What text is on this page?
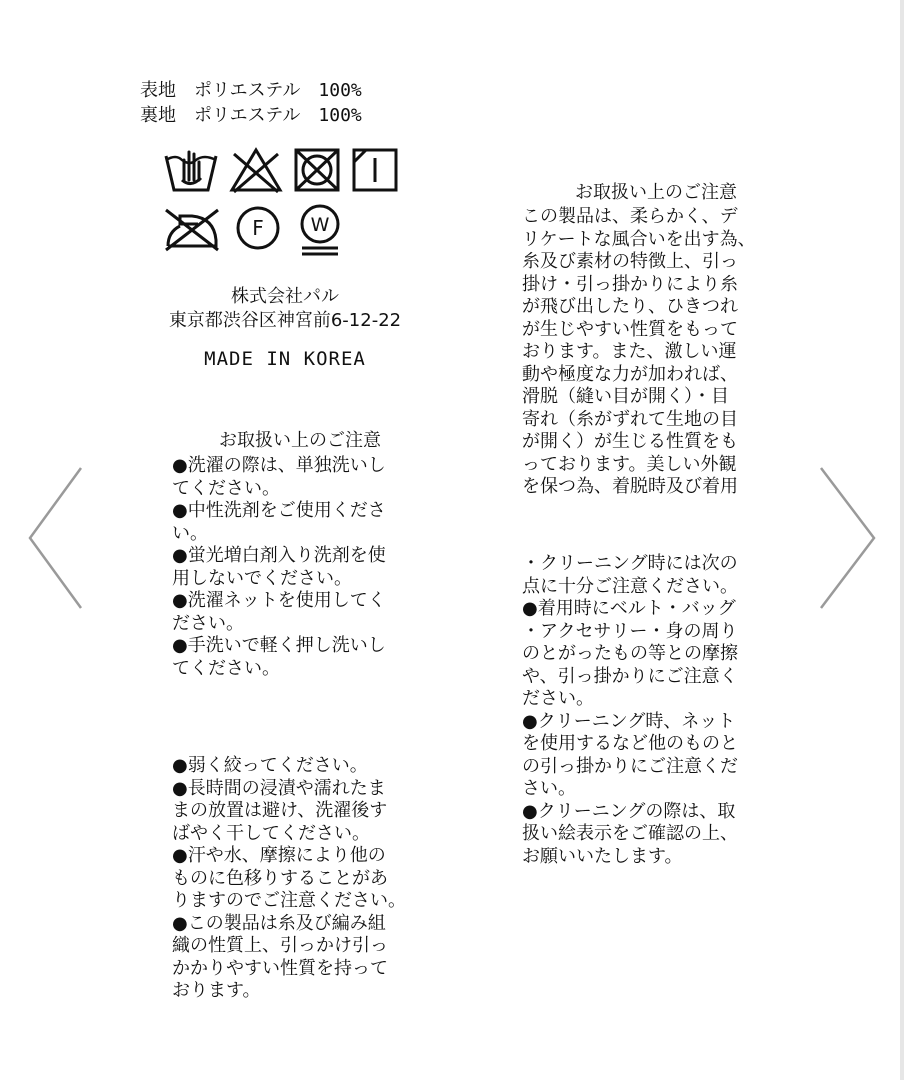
表地 ポリエステル 100%
裏地 ポリエステル 100%
F W
株式会社パル
東京都渋谷区神宮前6-12-22
MADE IN KOREA
お取扱い上のご注意
●洗濯の際は、単独洗いし
てください。
●中性洗剤をご使用くださ
い。
●蛍光増白剤入り洗剤を使
用しないでください。
●洗濯ネットを使用してく
ださい。
●手洗いで軽く押し洗いし
てください。
●弱く絞ってください。
●長時間の浸漬や濡れたま
まの放置は避け、洗濯後す
ばやく干してください。
●汗や水、摩擦により他の
ものに色移りすることがあ
りますのでご注意ください。
●この製品は糸及び編み組
織の性質上、引っかけ引っ
かかりやすい性質を持って
おります。
お取扱い上のご注意
この製品は、柔らかく、デ
リケートな風合いを出す為、
糸及び素材の特徴上、引っ
掛け・引っ掛かりにより糸
が飛び出したり、ひきつれ
が生じやすい性質をもって
おります。また、激しい運
動や極度な力が加われば、
滑脱（縫い目が開く）・目
寄れ（糸がずれて生地の目
が開く）が生じる性質をも
っております。美しい外観
を保つ為、着脱時及び着用
・クリーニング時には次の
点に十分ご注意ください。
●着用時にベルト・バッグ
・アクセサリー・身の周り
のとがったもの等との摩擦
や、引っ掛かりにご注意く
ださい。
●クリーニング時、ネット
を使用するなど他のものと
の引っ掛かりにご注意くだ
さい。
●クリーニングの際は、取
扱い絵表示をご確認の上、
お願いいたします。
